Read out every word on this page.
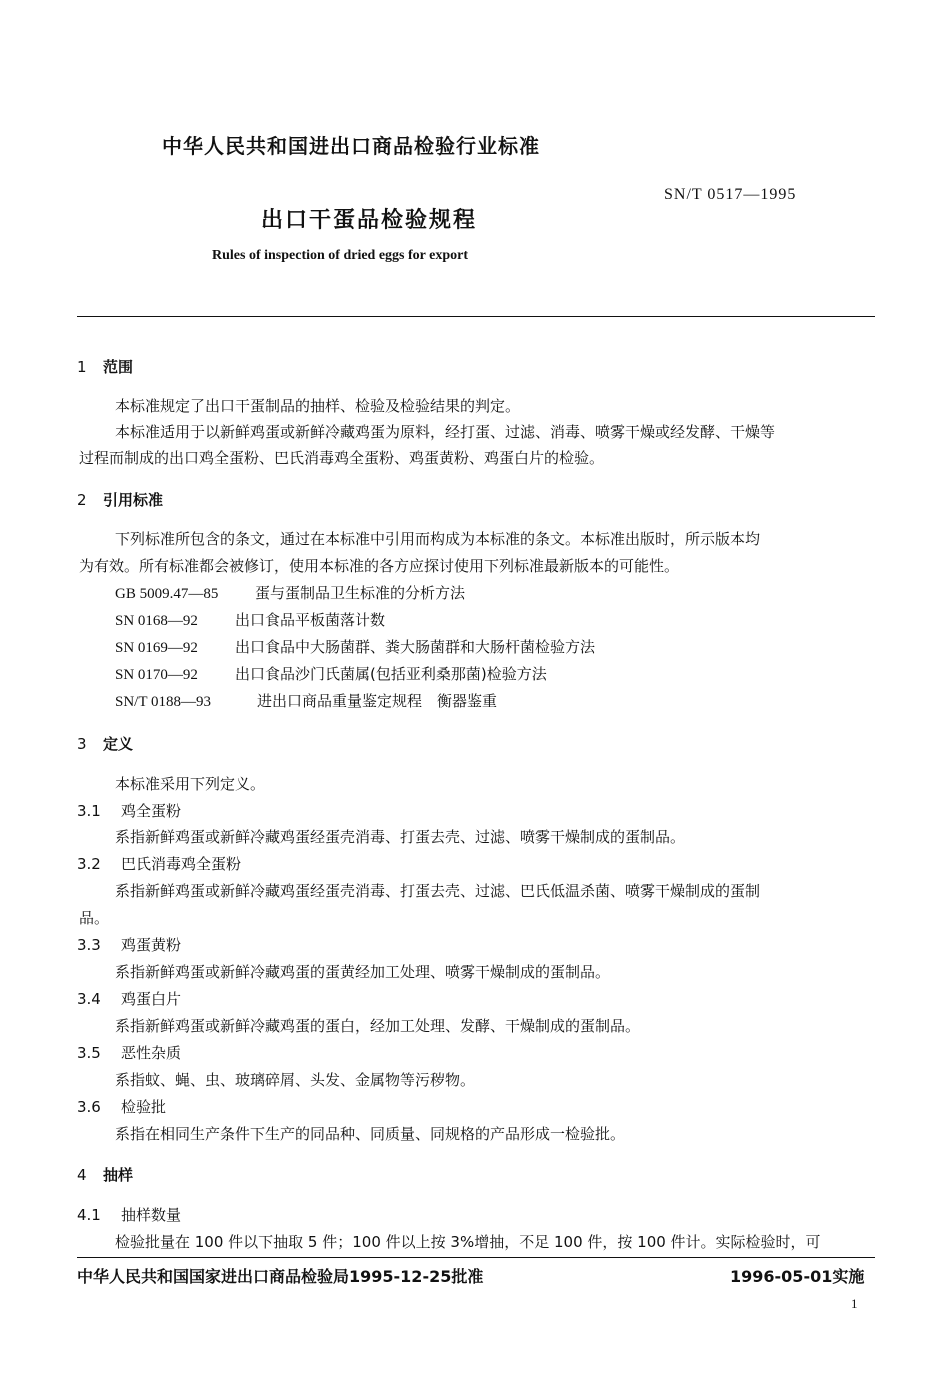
中华人民共和国进出口商品检验行业标准
SN/T 0517—1995
出口干蛋品检验规程
Rules of inspection of dried eggs for export
1 范围
本标准规定了出口干蛋制品的抽样、检验及检验结果的判定。
本标准适用于以新鲜鸡蛋或新鲜冷藏鸡蛋为原料，经打蛋、过滤、消毒、喷雾干燥或经发酵、干燥等
过程而制成的出口鸡全蛋粉、巴氏消毒鸡全蛋粉、鸡蛋黄粉、鸡蛋白片的检验。
2 引用标准
下列标准所包含的条文，通过在本标准中引用而构成为本标准的条文。本标准出版时，所示版本均
为有效。所有标准都会被修订，使用本标准的各方应探讨使用下列标准最新版本的可能性。
GB 5009.47—85 蛋与蛋制品卫生标准的分析方法
SN 0168—92 出口食品平板菌落计数
SN 0169—92 出口食品中大肠菌群、粪大肠菌群和大肠杆菌检验方法
SN 0170—92 出口食品沙门氏菌属(包括亚利桑那菌)检验方法
SN/T 0188—93	进出口商品重量鉴定规程　衡器鉴重
3 定义
本标准采用下列定义。
3.1 鸡全蛋粉
系指新鲜鸡蛋或新鲜冷藏鸡蛋经蛋壳消毒、打蛋去壳、过滤、喷雾干燥制成的蛋制品。
3.2 巴氏消毒鸡全蛋粉
系指新鲜鸡蛋或新鲜冷藏鸡蛋经蛋壳消毒、打蛋去壳、过滤、巴氏低温杀菌、喷雾干燥制成的蛋制
品。
3.3 鸡蛋黄粉
系指新鲜鸡蛋或新鲜冷藏鸡蛋的蛋黄经加工处理、喷雾干燥制成的蛋制品。
3.4 鸡蛋白片
系指新鲜鸡蛋或新鲜冷藏鸡蛋的蛋白，经加工处理、发酵、干燥制成的蛋制品。
3.5 恶性杂质
系指蚊、蝇、虫、玻璃碎屑、头发、金属物等污秽物。
3.6 检验批
系指在相同生产条件下生产的同品种、同质量、同规格的产品形成一检验批。
4 抽样
4.1 抽样数量
检验批量在 100 件以下抽取 5 件；100 件以上按 3%增抽，不足 100 件，按 100 件计。实际检验时，可
中华人民共和国国家进出口商品检验局1995-12-25批准	1996-05-01实施
1
